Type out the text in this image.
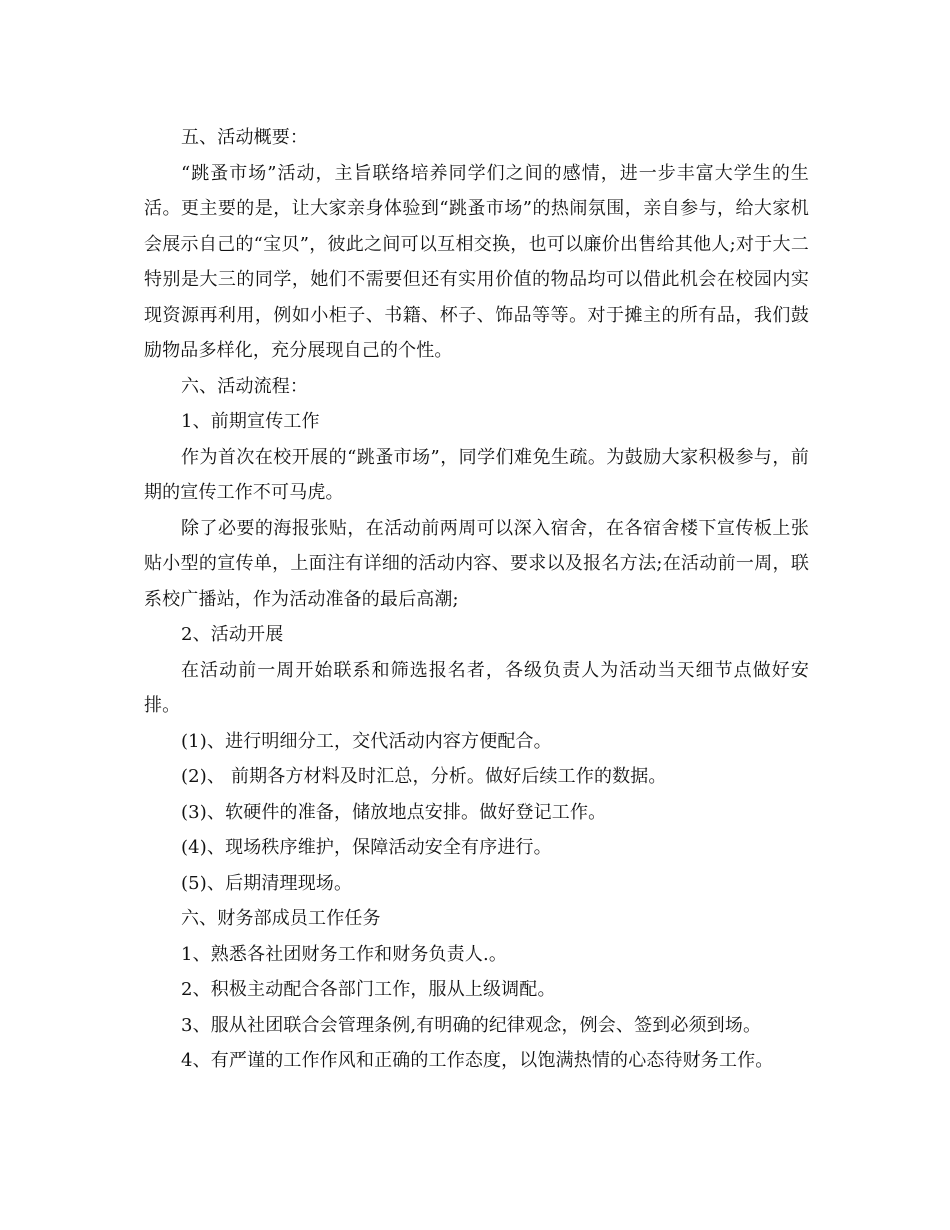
五、活动概要：

“跳蚤市场”活动，主旨联络培养同学们之间的感情，进一步丰富大学生的生活。更主要的是，让大家亲身体验到“跳蚤市场”的热闹氛围，亲自参与，给大家机会展示自己的“宝贝”，彼此之间可以互相交换，也可以廉价出售给其他人;对于大二特别是大三的同学，她们不需要但还有实用价值的物品均可以借此机会在校园内实现资源再利用，例如小柜子、书籍、杯子、饰品等等。对于摊主的所有品，我们鼓励物品多样化，充分展现自己的个性。

六、活动流程：

1、前期宣传工作

作为首次在校开展的“跳蚤市场”，同学们难免生疏。为鼓励大家积极参与，前期的宣传工作不可马虎。

除了必要的海报张贴，在活动前两周可以深入宿舍，在各宿舍楼下宣传板上张贴小型的宣传单，上面注有详细的活动内容、要求以及报名方法;在活动前一周，联系校广播站，作为活动准备的最后高潮;

2、活动开展

在活动前一周开始联系和筛选报名者，各级负责人为活动当天细节点做好安排。

(1)、进行明细分工，交代活动内容方便配合。

(2)、 前期各方材料及时汇总，分析。做好后续工作的数据。

(3)、软硬件的准备，储放地点安排。做好登记工作。

(4)、现场秩序维护，保障活动安全有序进行。

(5)、后期清理现场。

六、财务部成员工作任务

1、熟悉各社团财务工作和财务负责人.。

2、积极主动配合各部门工作，服从上级调配。

3、服从社团联合会管理条例,有明确的纪律观念，例会、签到必须到场。

4、有严谨的工作作风和正确的工作态度，以饱满热情的心态待财务工作。
